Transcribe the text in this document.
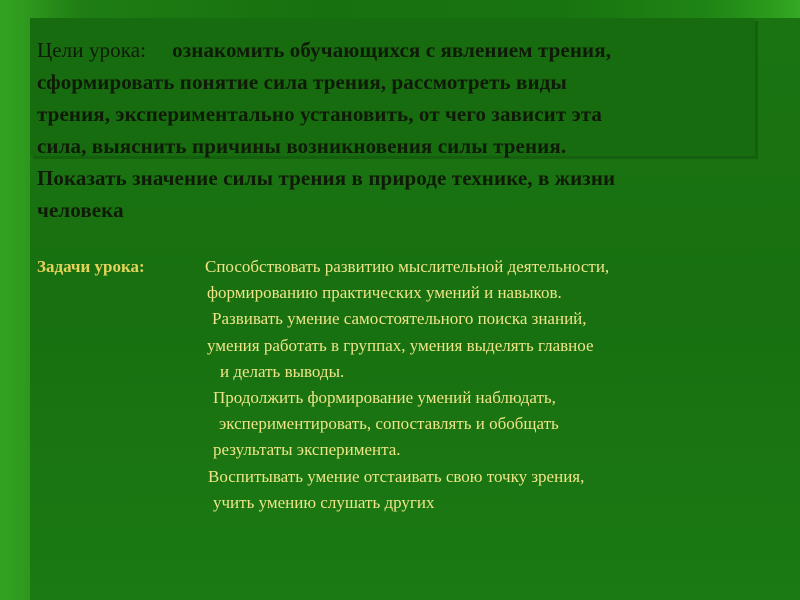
Цели урока: ознакомить обучающихся с явлением трения,
сформировать понятие сила трения, рассмотреть виды
трения, экспериментально установить, от чего зависит эта
сила, выяснить причины возникновения силы трения.
Показать значение силы трения в природе технике, в жизни
человека
Задачи урока:	Способствовать развитию мыслительной деятельности,
формированию практических умений и навыков.
Развивать умение самостоятельного поиска знаний,
умения работать в группах, умения выделять главное
и делать выводы.
Продолжить формирование умений наблюдать,
экспериментировать, сопоставлять и обобщать
результаты эксперимента.
Воспитывать умение отстаивать свою точку зрения,
учить умению слушать других
